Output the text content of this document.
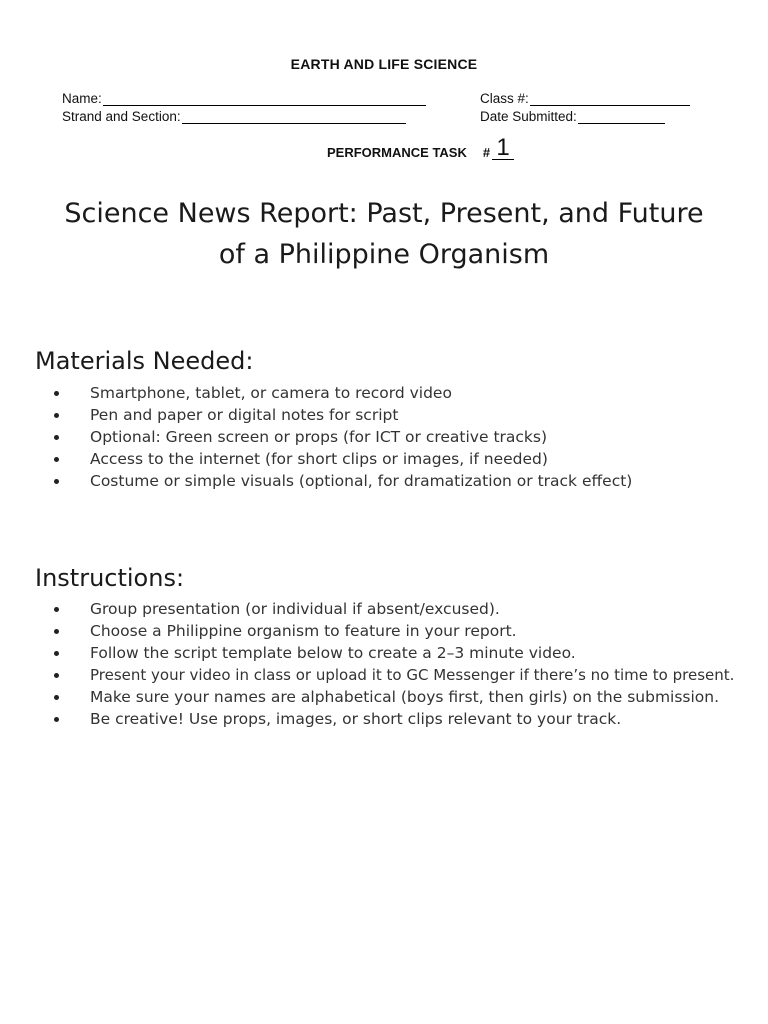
EARTH AND LIFE SCIENCE
Name:	Class #:
Strand and Section:	Date Submitted:
PERFORMANCE TASK # 1
Science News Report: Past, Present, and Future
of a Philippine Organism
Materials Needed:
Smartphone, tablet, or camera to record video
Pen and paper or digital notes for script
Optional: Green screen or props (for ICT or creative tracks)
Access to the internet (for short clips or images, if needed)
Costume or simple visuals (optional, for dramatization or track effect)
Instructions:
Group presentation (or individual if absent/excused).
Choose a Philippine organism to feature in your report.
Follow the script template below to create a 2–3 minute video.
Present your video in class or upload it to GC Messenger if there’s no time to present.
Make sure your names are alphabetical (boys first, then girls) on the submission.
Be creative! Use props, images, or short clips relevant to your track.
